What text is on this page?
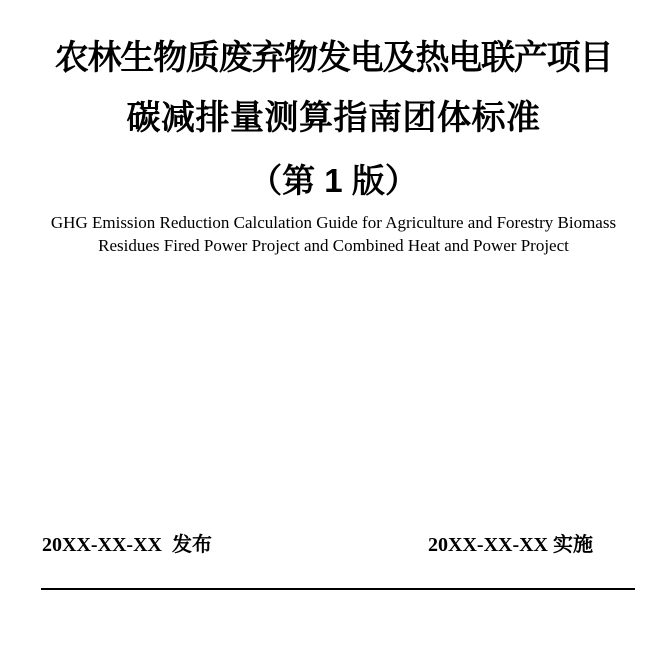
农林生物质废弃物发电及热电联产项目
碳减排量测算指南团体标准
（第 1 版）
GHG Emission Reduction Calculation Guide for Agriculture and Forestry Biomass
Residues Fired Power Project and Combined Heat and Power Project
20XX-XX-XX  发布	20XX-XX-XX 实施
